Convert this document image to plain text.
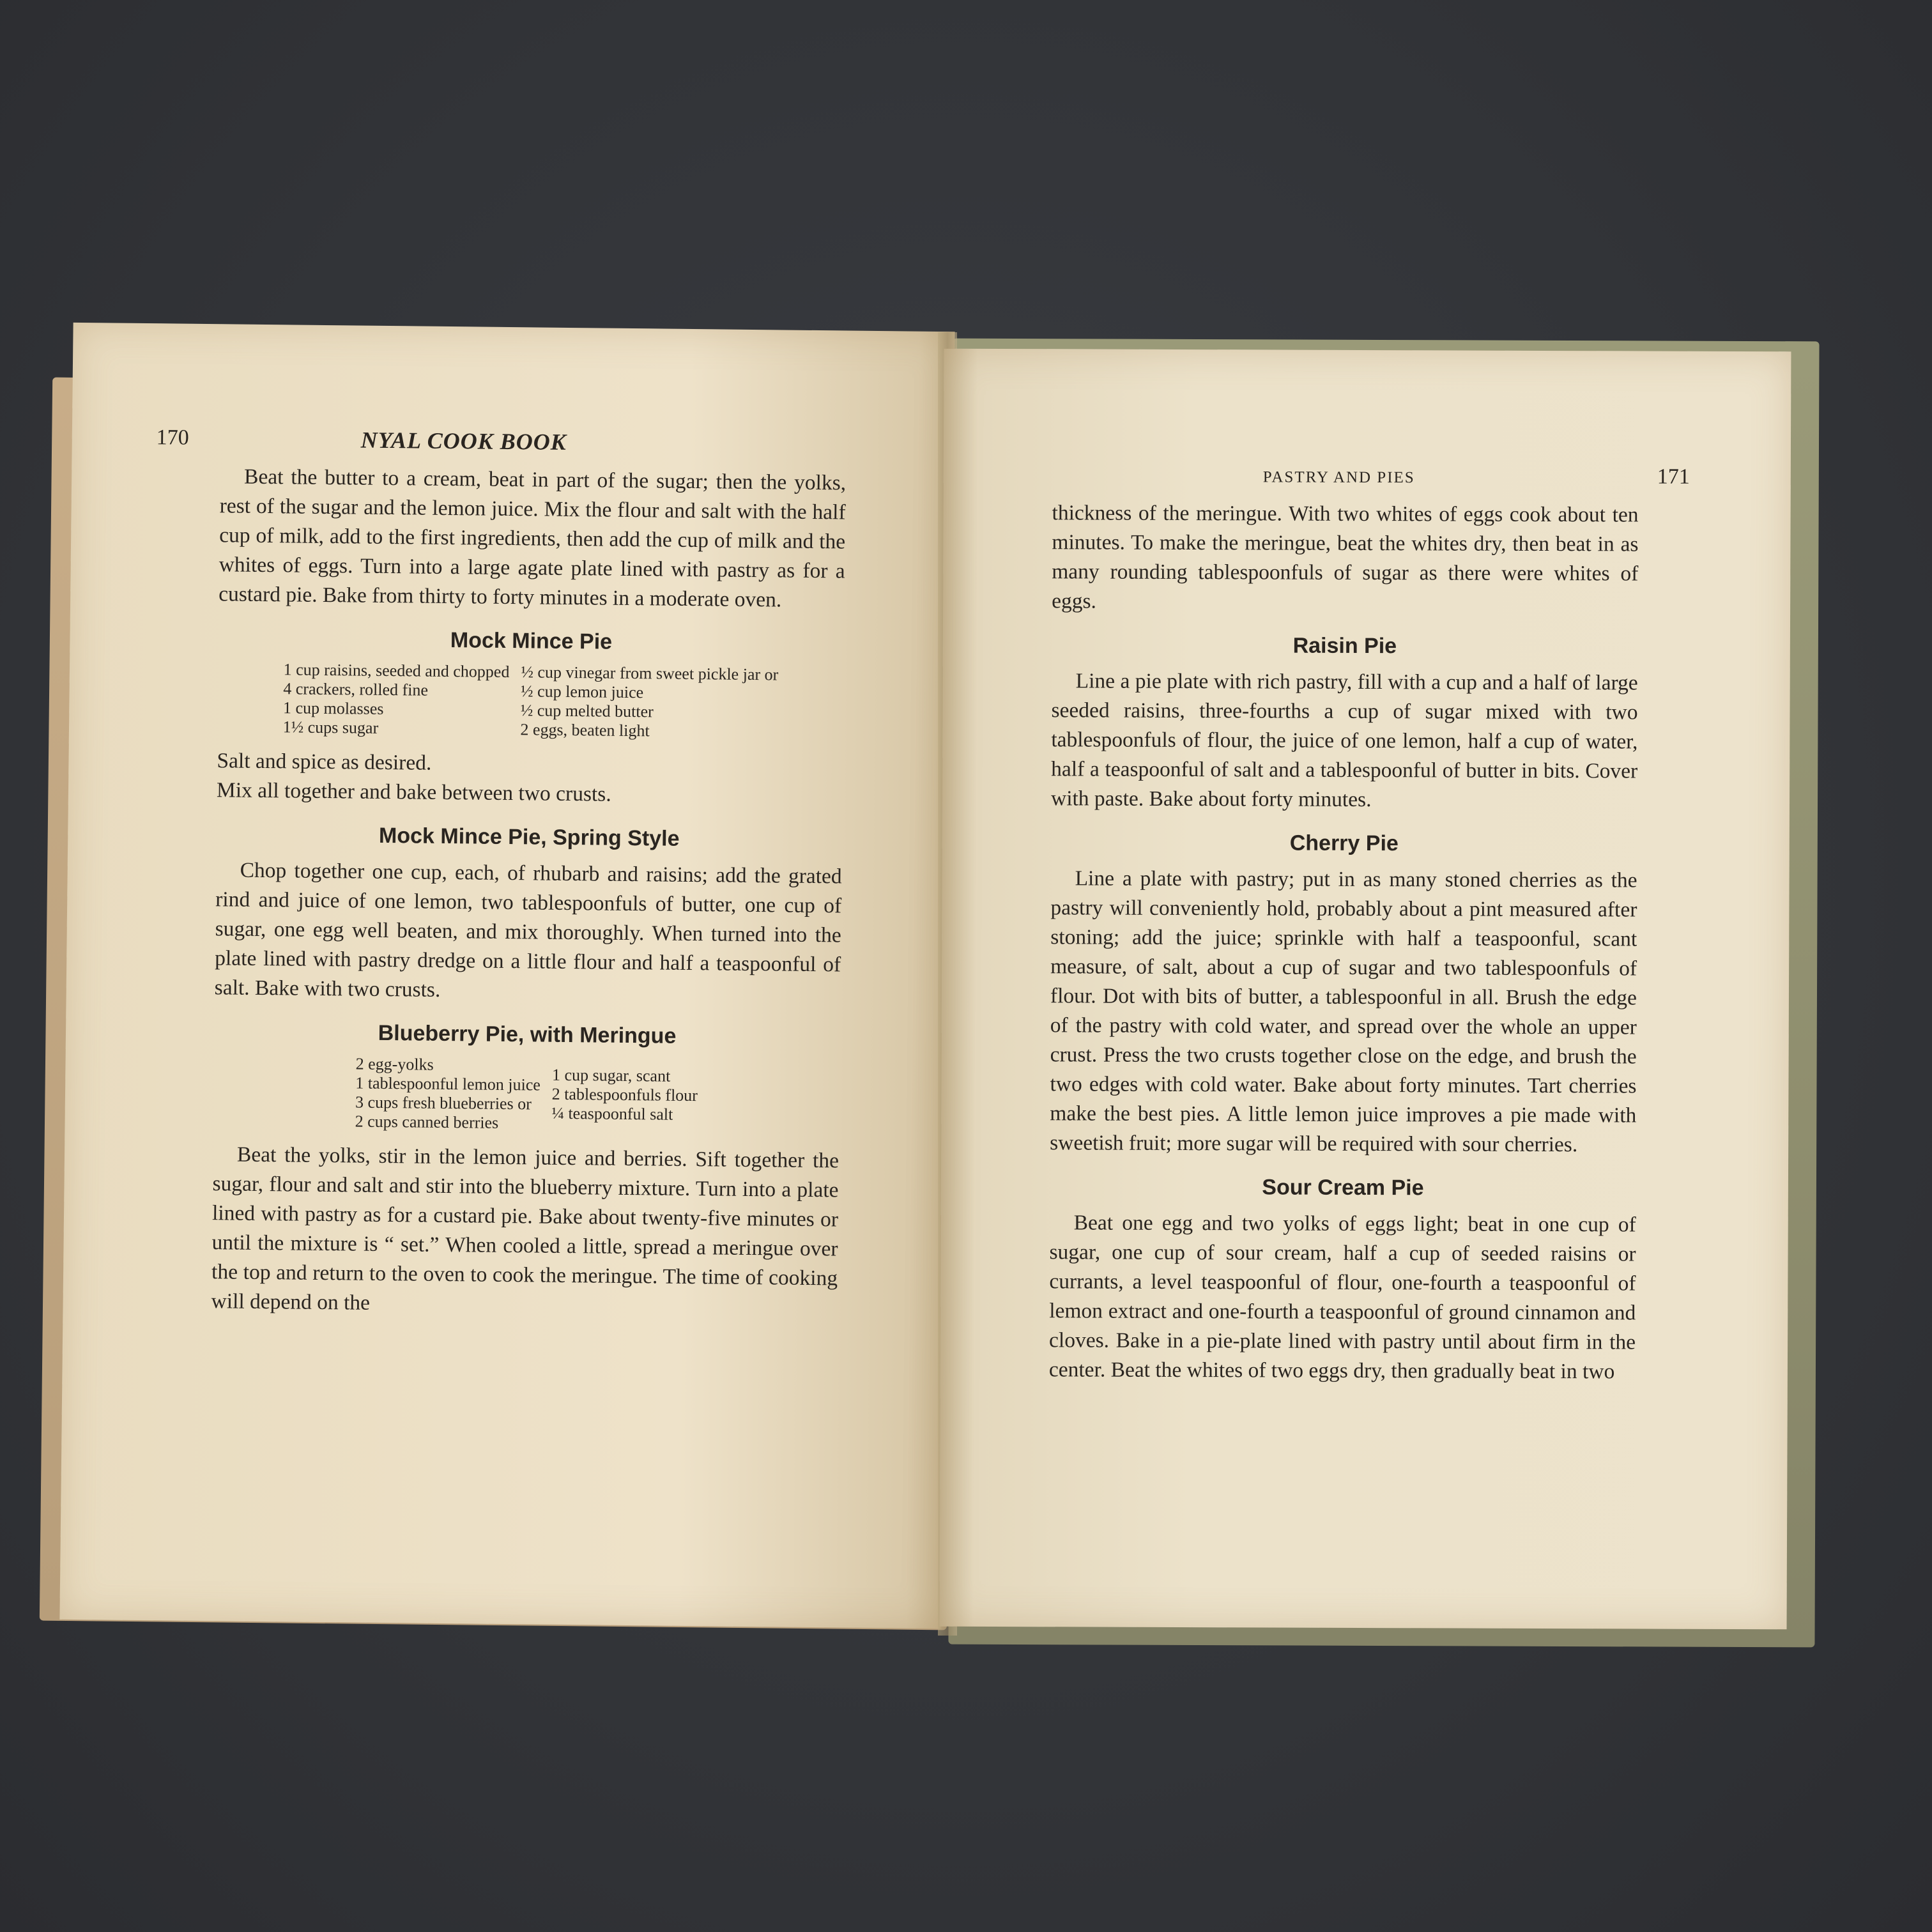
170	NYAL COOK BOOK

Beat the butter to a cream, beat in part of the sugar; then the yolks, rest of the sugar and the lemon juice. Mix the flour and salt with the half cup of milk, add to the first ingredients, then add the cup of milk and the whites of eggs. Turn into a large agate plate lined with pastry as for a custard pie. Bake from thirty to forty minutes in a moderate oven.

Mock Mince Pie
1 cup raisins, seeded and chopped
4 crackers, rolled fine
1 cup molasses
1½ cups sugar
½ cup vinegar from sweet pickle jar or
½ cup lemon juice
½ cup melted butter
2 eggs, beaten light

Salt and spice as desired.

Mix all together and bake between two crusts.

Mock Mince Pie, Spring Style

Chop together one cup, each, of rhubarb and raisins; add the grated rind and juice of one lemon, two tablespoonfuls of butter, one cup of sugar, one egg well beaten, and mix thoroughly. When turned into the plate lined with pastry dredge on a little flour and half a teaspoonful of salt. Bake with two crusts.

Blueberry Pie, with Meringue
2 egg-yolks
1 tablespoonful lemon juice
3 cups fresh blueberries or
2 cups canned berries
1 cup sugar, scant
2 tablespoonfuls flour
¼ teaspoonful salt

Beat the yolks, stir in the lemon juice and berries. Sift together the sugar, flour and salt and stir into the blueberry mixture. Turn into a plate lined with pastry as for a custard pie. Bake about twenty-five minutes or until the mixture is “ set.” When cooled a little, spread a meringue over the top and return to the oven to cook the meringue. The time of cooking will depend on the

PASTRY AND PIES	171

thickness of the meringue. With two whites of eggs cook about ten minutes. To make the meringue, beat the whites dry, then beat in as many rounding tablespoonfuls of sugar as there were whites of eggs.

Raisin Pie

Line a pie plate with rich pastry, fill with a cup and a half of large seeded raisins, three-fourths a cup of sugar mixed with two tablespoonfuls of flour, the juice of one lemon, half a cup of water, half a teaspoonful of salt and a tablespoonful of butter in bits. Cover with paste. Bake about forty minutes.

Cherry Pie

Line a plate with pastry; put in as many stoned cherries as the pastry will conveniently hold, probably about a pint measured after stoning; add the juice; sprinkle with half a teaspoonful, scant measure, of salt, about a cup of sugar and two tablespoonfuls of flour. Dot with bits of butter, a tablespoonful in all. Brush the edge of the pastry with cold water, and spread over the whole an upper crust. Press the two crusts together close on the edge, and brush the two edges with cold water. Bake about forty minutes. Tart cherries make the best pies. A little lemon juice improves a pie made with sweetish fruit; more sugar will be required with sour cherries.

Sour Cream Pie

Beat one egg and two yolks of eggs light; beat in one cup of sugar, one cup of sour cream, half a cup of seeded raisins or currants, a level teaspoonful of flour, one-fourth a teaspoonful of lemon extract and one-fourth a teaspoonful of ground cinnamon and cloves. Bake in a pie-plate lined with pastry until about firm in the center. Beat the whites of two eggs dry, then gradually beat in two
